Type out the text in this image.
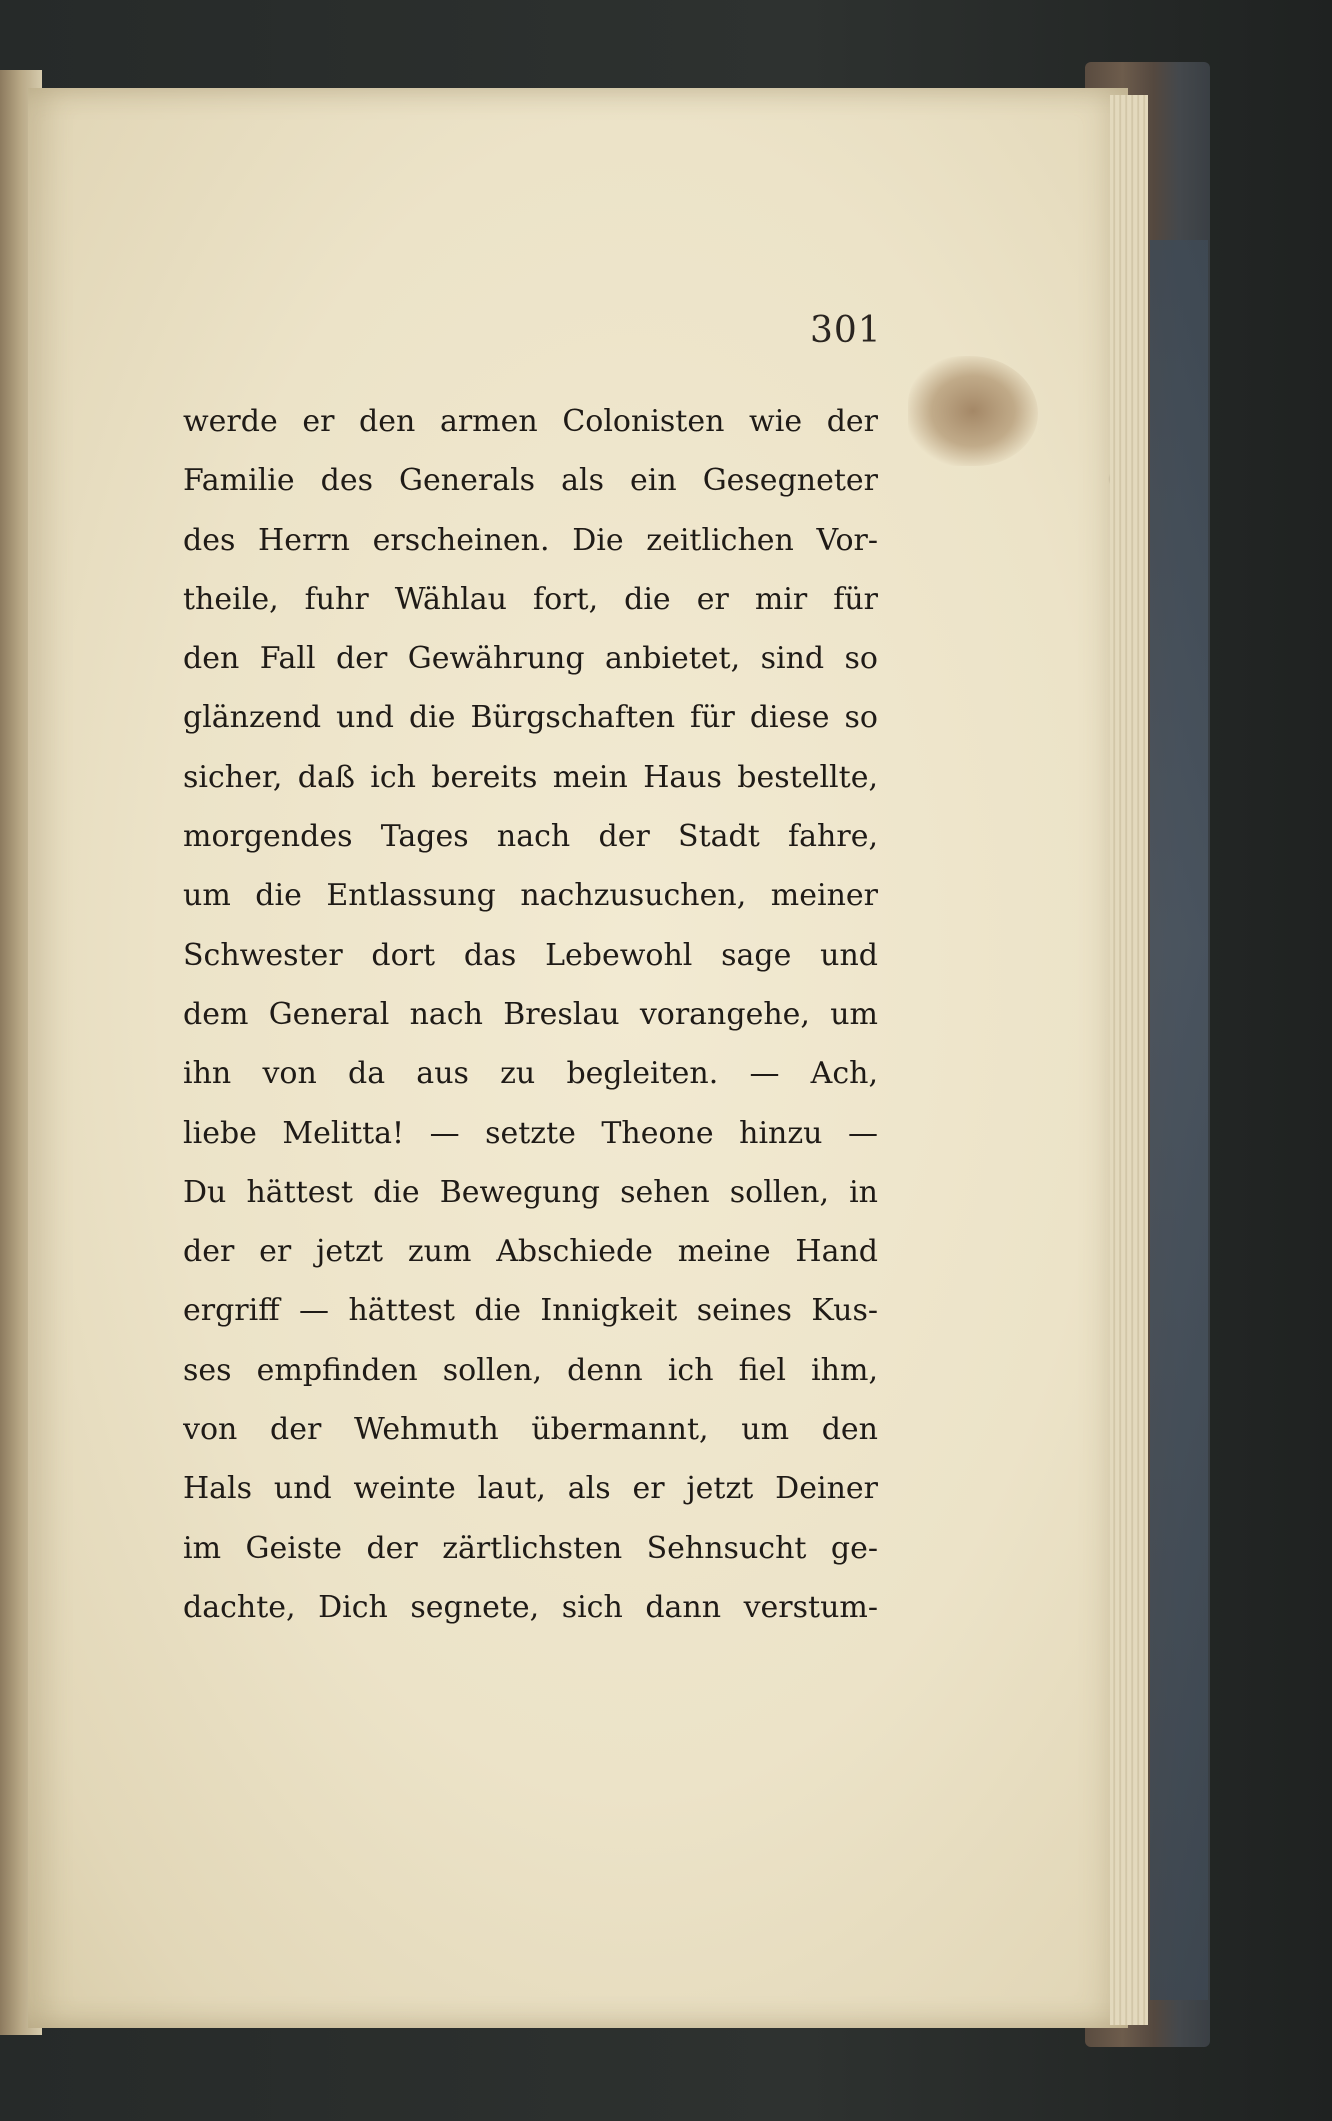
301

werde er den armen Colonisten wie der
Familie des Generals als ein Gesegneter
des Herrn erscheinen. Die zeitlichen Vor-
theile, fuhr Wählau fort, die er mir für
den Fall der Gewährung anbietet, sind so
glänzend und die Bürgschaften für diese so
sicher, daß ich bereits mein Haus bestellte,
morgendes Tages nach der Stadt fahre,
um die Entlassung nachzusuchen, meiner
Schwester dort das Lebewohl sage und
dem General nach Breslau vorangehe, um
ihn von da aus zu begleiten. — Ach,
liebe Melitta! — setzte Theone hinzu —
Du hättest die Bewegung sehen sollen, in
der er jetzt zum Abschiede meine Hand
ergriff — hättest die Innigkeit seines Kus-
ses empfinden sollen, denn ich fiel ihm,
von der Wehmuth übermannt, um den
Hals und weinte laut, als er jetzt Deiner
im Geiste der zärtlichsten Sehnsucht ge-
dachte, Dich segnete, sich dann verstum-
